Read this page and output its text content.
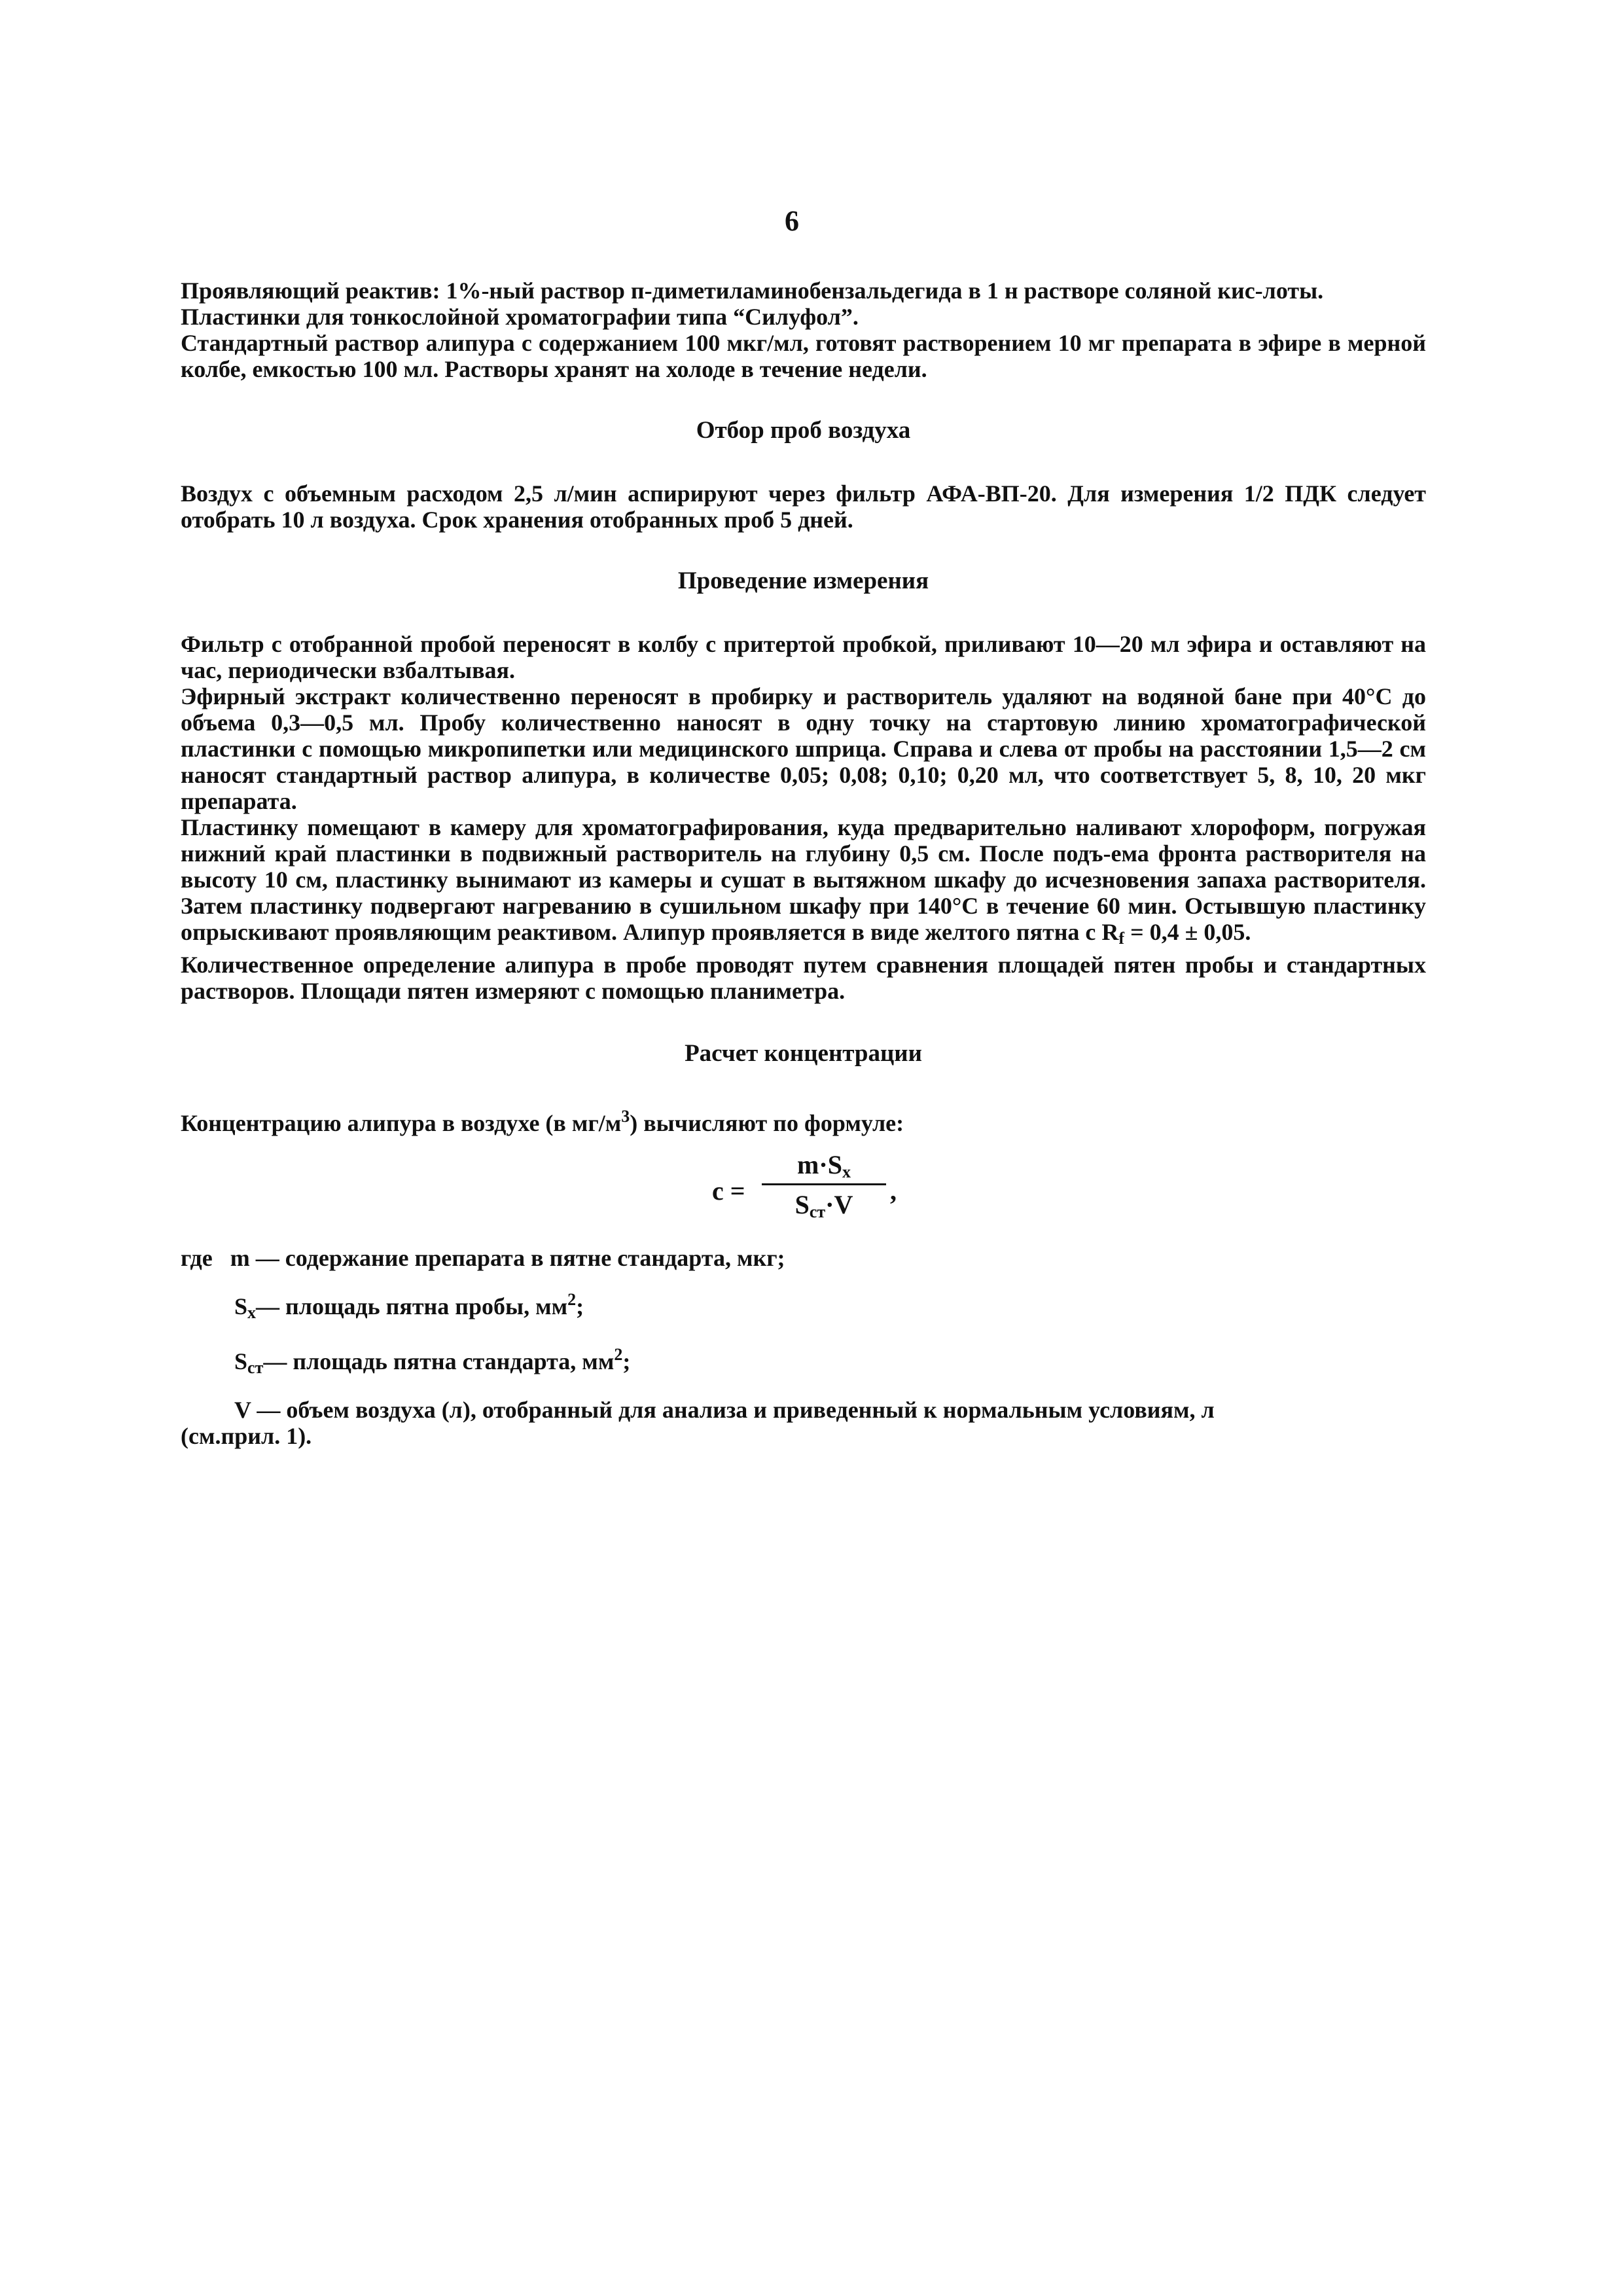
6

Проявляющий реактив: 1%-ный раствор п-диметиламинобензальдегида в 1 н растворе соляной кис-лоты.

Пластинки для тонкослойной хроматографии типа “Силуфол”.

Стандартный раствор алипура с содержанием 100 мкг/мл, готовят растворением 10 мг препарата в эфире в мерной колбе, емкостью 100 мл. Растворы хранят на холоде в течение недели.

Отбор проб воздуха

Воздух с объемным расходом 2,5 л/мин аспирируют через фильтр АФА-ВП-20. Для измерения 1/2 ПДК следует отобрать 10 л воздуха. Срок хранения отобранных проб 5 дней.

Проведение измерения

Фильтр с отобранной пробой переносят в колбу с притертой пробкой, приливают 10—20 мл эфира и оставляют на час, периодически взбалтывая.

Эфирный экстракт количественно переносят в пробирку и растворитель удаляют на водяной бане при 40°С до объема 0,3—0,5 мл. Пробу количественно наносят в одну точку на стартовую линию хроматографической пластинки с помощью микропипетки или медицинского шприца. Справа и слева от пробы на расстоянии 1,5—2 см наносят стандартный раствор алипура, в количестве 0,05; 0,08; 0,10; 0,20 мл, что соответствует 5, 8, 10, 20 мкг препарата.

Пластинку помещают в камеру для хроматографирования, куда предварительно наливают хлороформ, погружая нижний край пластинки в подвижный растворитель на глубину 0,5 см. После подъ-ема фронта растворителя на высоту 10 см, пластинку вынимают из камеры и сушат в вытяжном шкафу до исчезновения запаха растворителя. Затем пластинку подвергают нагреванию в сушильном шкафу при 140°С в течение 60 мин. Остывшую пластинку опрыскивают проявляющим реактивом. Алипур проявляется в виде желтого пятна с $R_f = 0,4 \pm 0,05$.

Количественное определение алипура в пробе проводят путем сравнения площадей пятен пробы и стандартных растворов. Площади пятен измеряют с помощью планиметра.

Расчет концентрации

Концентрацию алипура в воздухе (в $мг/м^3$) вычисляют по формуле:

с =
$m\cdot S_x$
$S_{ст}\cdot V$	,
где m — содержание препарата в пятне стандарта, мкг;
$S_x—$ площадь пятна пробы, $мм^2$;
$S_{ст}—$ площадь пятна стандарта, $мм^2$;
V — объем воздуха (л), отобранный для анализа и приведенный к нормальным условиям, л
(см.прил. 1).
